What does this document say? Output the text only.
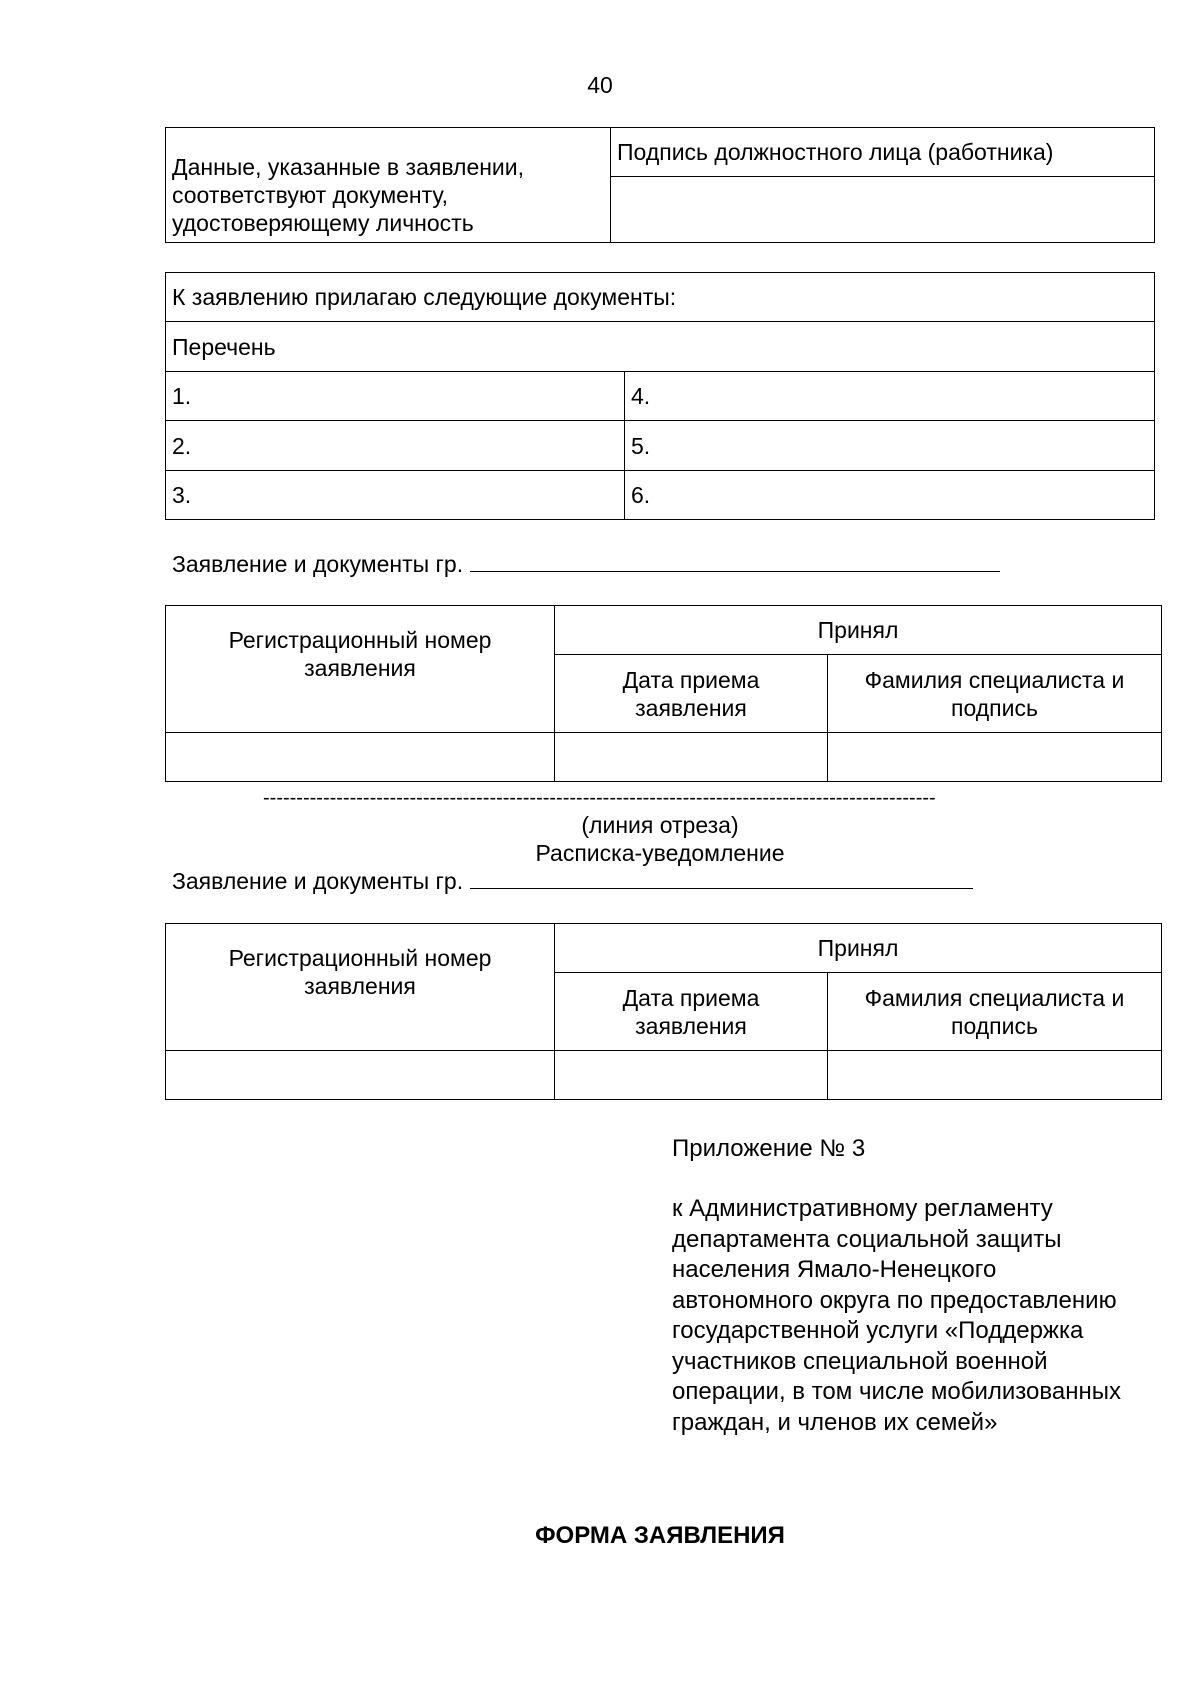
40
Данные, указанные в заявлении, соответствуют документу, удостоверяющему личность	Подпись должностного лица (работника)

К заявлению прилагаю следующие документы:	
Перечень	
1.	4.
2.	5.
3.	6.
Заявление и документы гр.
Регистрационный номер заявления	Принял	
	Дата приема заявления	Фамилия специалиста и подпись

-----------------------------------------------------------------------------------------------------
(линия отреза)
Расписка-уведомление
Заявление и документы гр.
Регистрационный номер заявления	Принял	
	Дата приема заявления	Фамилия специалиста и подпись

Приложение № 3
к Административному регламенту департамента социальной защиты населения Ямало-Ненецкого автономного округа по предоставлению государственной услуги «Поддержка участников специальной военной операции, в том числе мобилизованных граждан, и членов их семей»
ФОРМА ЗАЯВЛЕНИЯ
